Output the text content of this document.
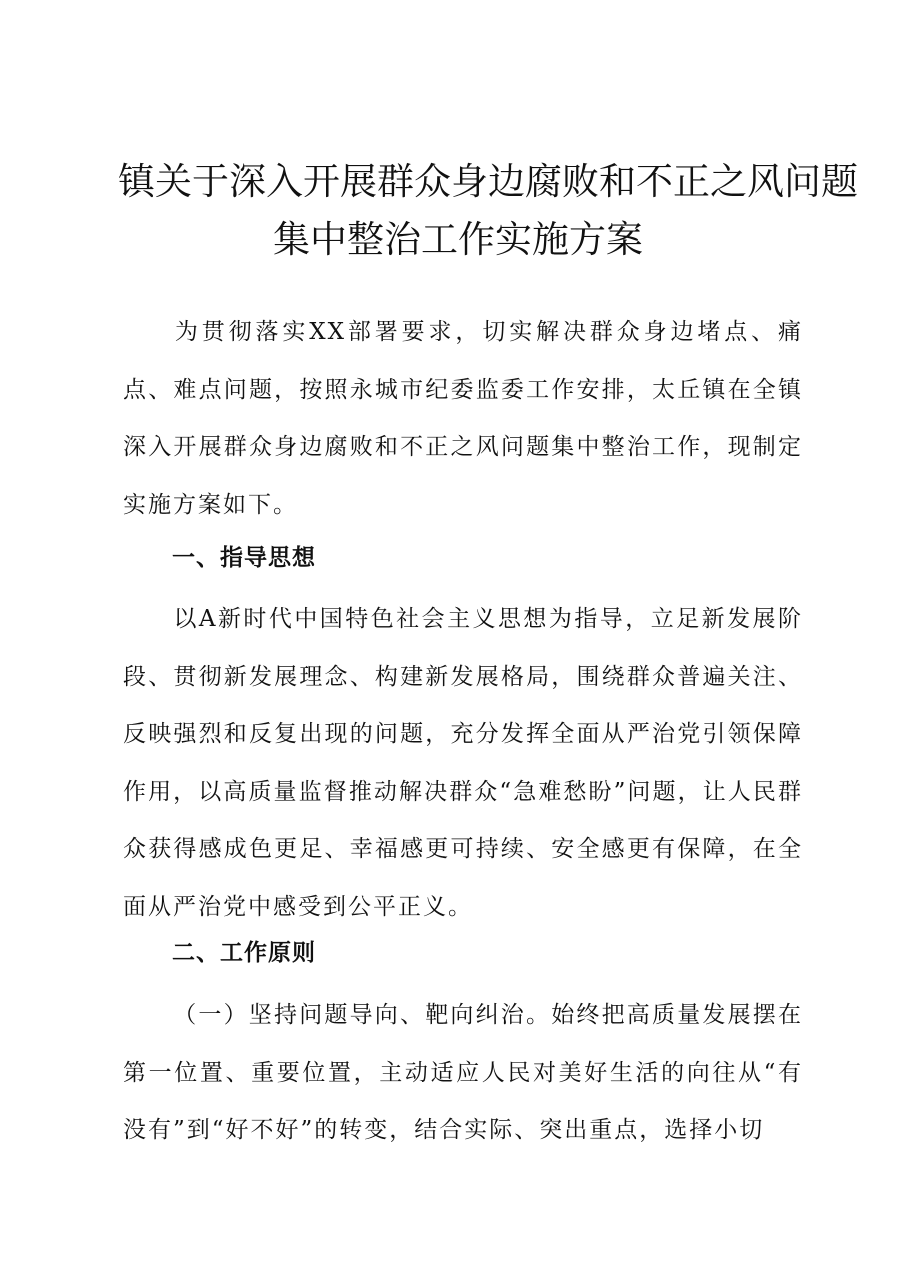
镇关于深入开展群众身边腐败和不正之风问题
集中整治工作实施方案
为贯彻落实XX部署要求，切实解决群众身边堵点、痛点、难点问题，按照永城市纪委监委工作安排，太丘镇在全镇深入开展群众身边腐败和不正之风问题集中整治工作，现制定实施方案如下。
一、指导思想
以A新时代中国特色社会主义思想为指导，立足新发展阶段、贯彻新发展理念、构建新发展格局，围绕群众普遍关注、反映强烈和反复出现的问题，充分发挥全面从严治党引领保障作用，以高质量监督推动解决群众“急难愁盼”问题，让人民群众获得感成色更足、幸福感更可持续、安全感更有保障，在全面从严治党中感受到公平正义。
二、工作原则
（一）坚持问题导向、靶向纠治。始终把高质量发展摆在第一位置、重要位置，主动适应人民对美好生活的向往从“有没有”到“好不好”的转变，结合实际、突出重点，选择小切
